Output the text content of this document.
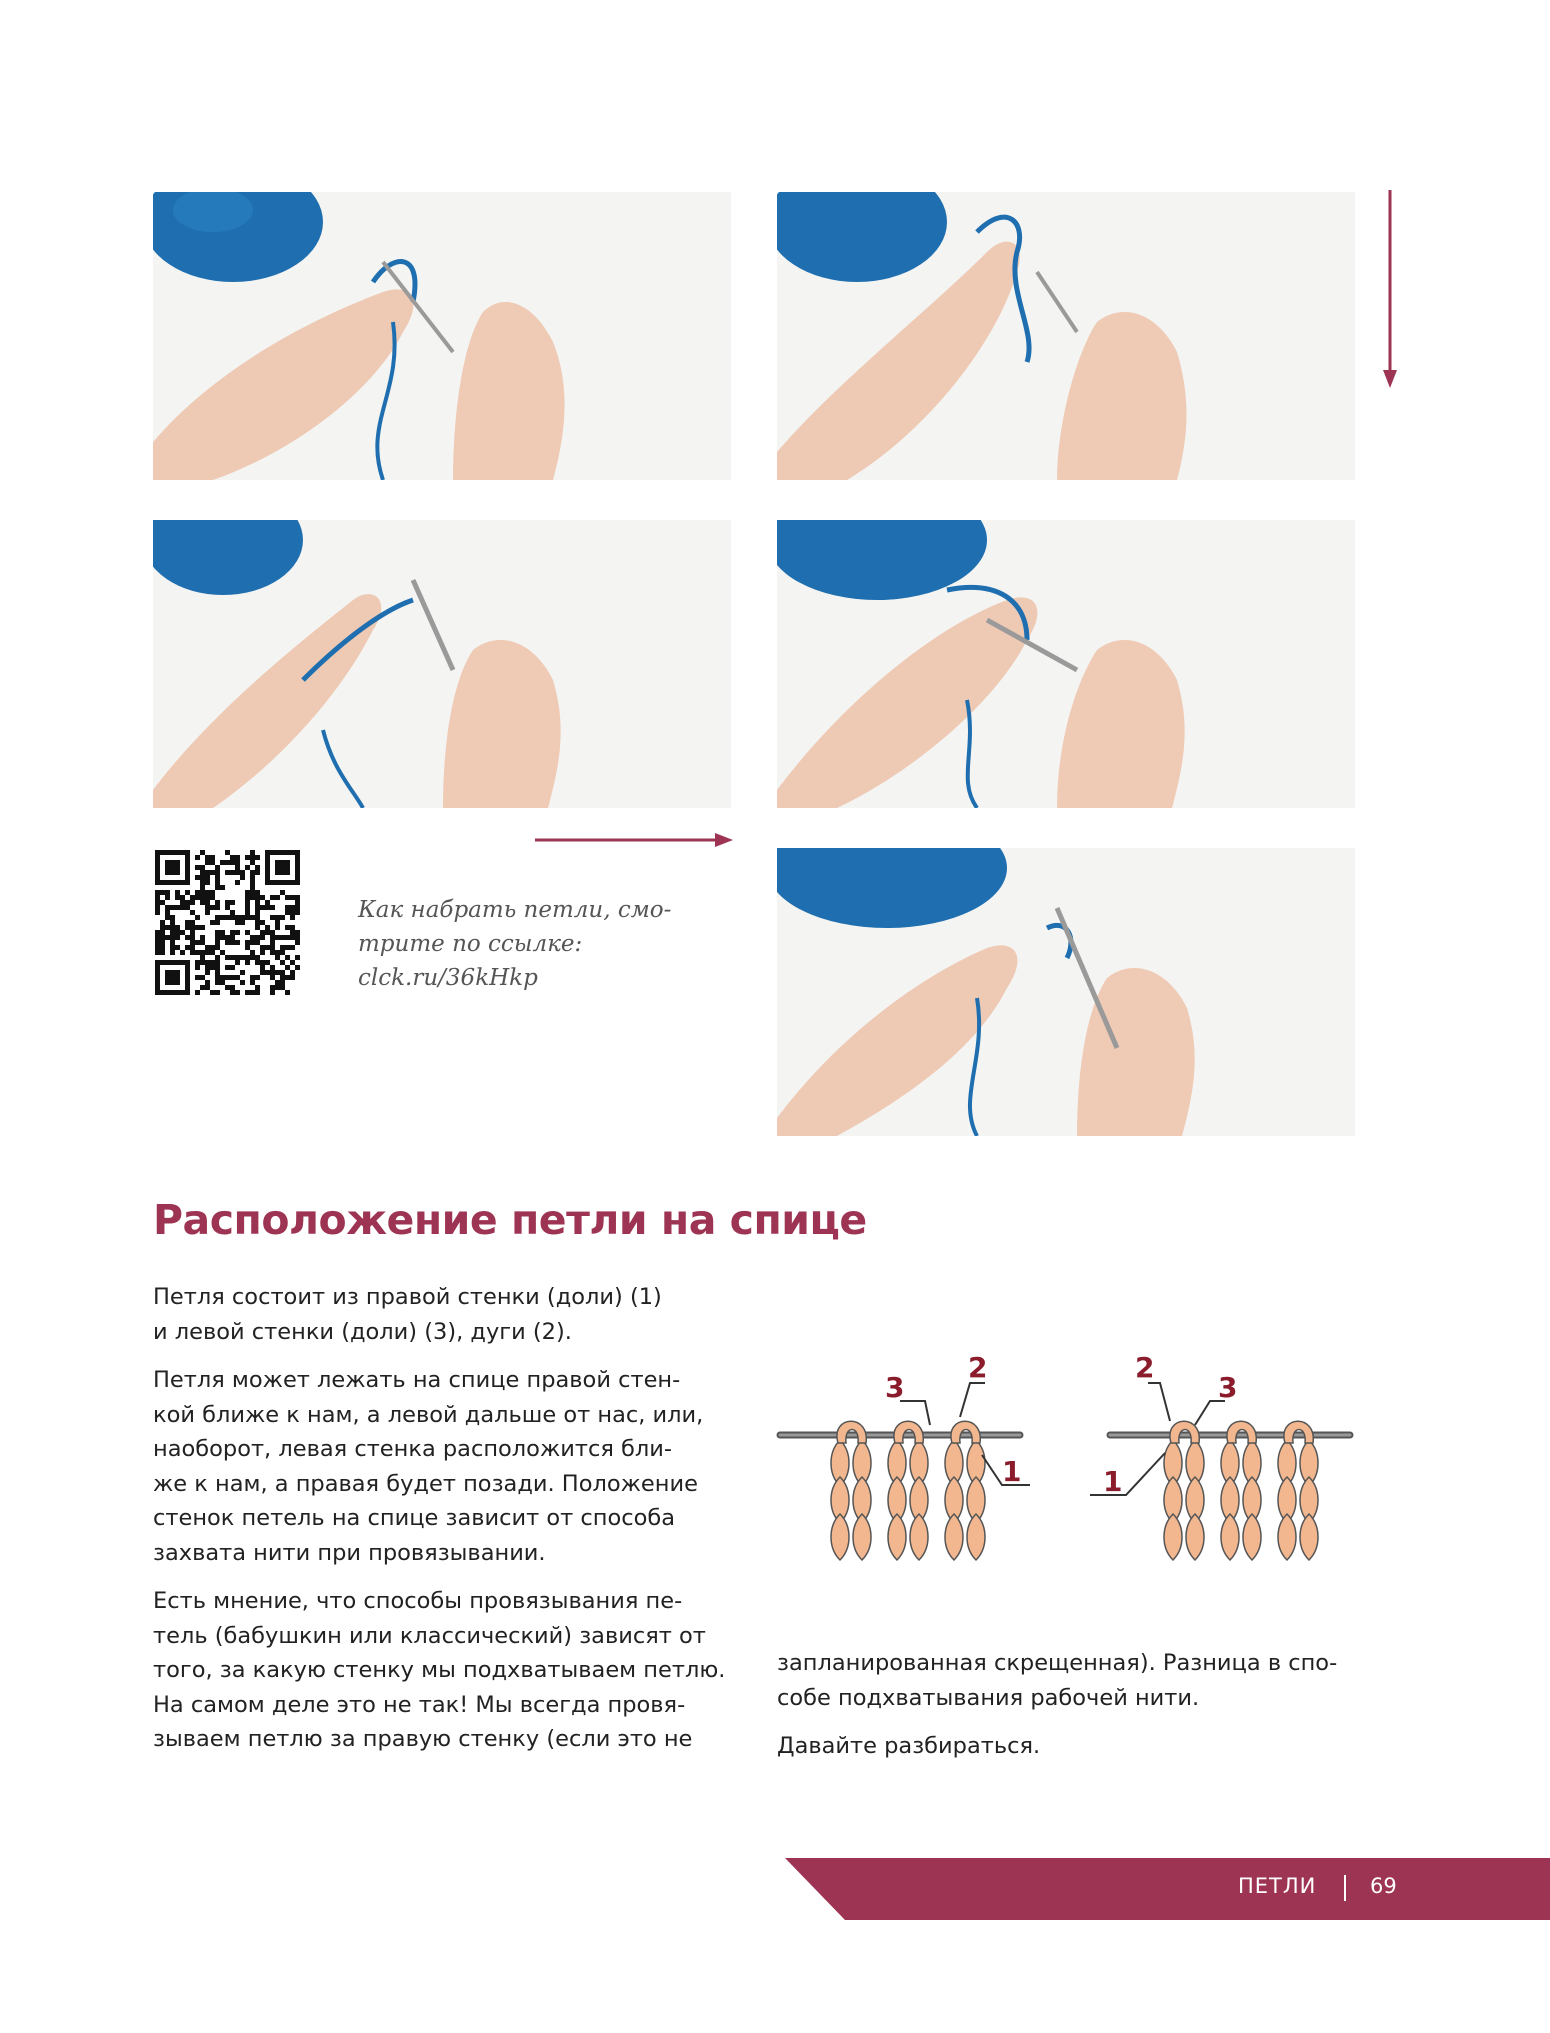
Как набрать петли, смо-
трите по ссылке:
clck.ru/36kHkp
Расположение петли на спице
Петля состоит из правой стенки (доли) (1)
и левой стенки (доли) (3), дуги (2).
Петля может лежать на спице правой стен-
кой ближе к нам, а левой дальше от нас, или,
наоборот, левая стенка расположится бли-
же к нам, а правая будет позади. Положение
стенок петель на спице зависит от способа
захвата нити при провязывании.
Есть мнение, что способы провязывания пе-
тель (бабушкин или классический) зависят от
того, за какую стенку мы подхватываем петлю.
На самом деле это не так! Мы всегда провя-
зываем петлю за правую стенку (если это не
запланированная скрещенная). Разница в спо-
собе подхватывания рабочей нити.
Давайте разбираться.
3
2
1
2
3
1
ПЕТЛИ	69
